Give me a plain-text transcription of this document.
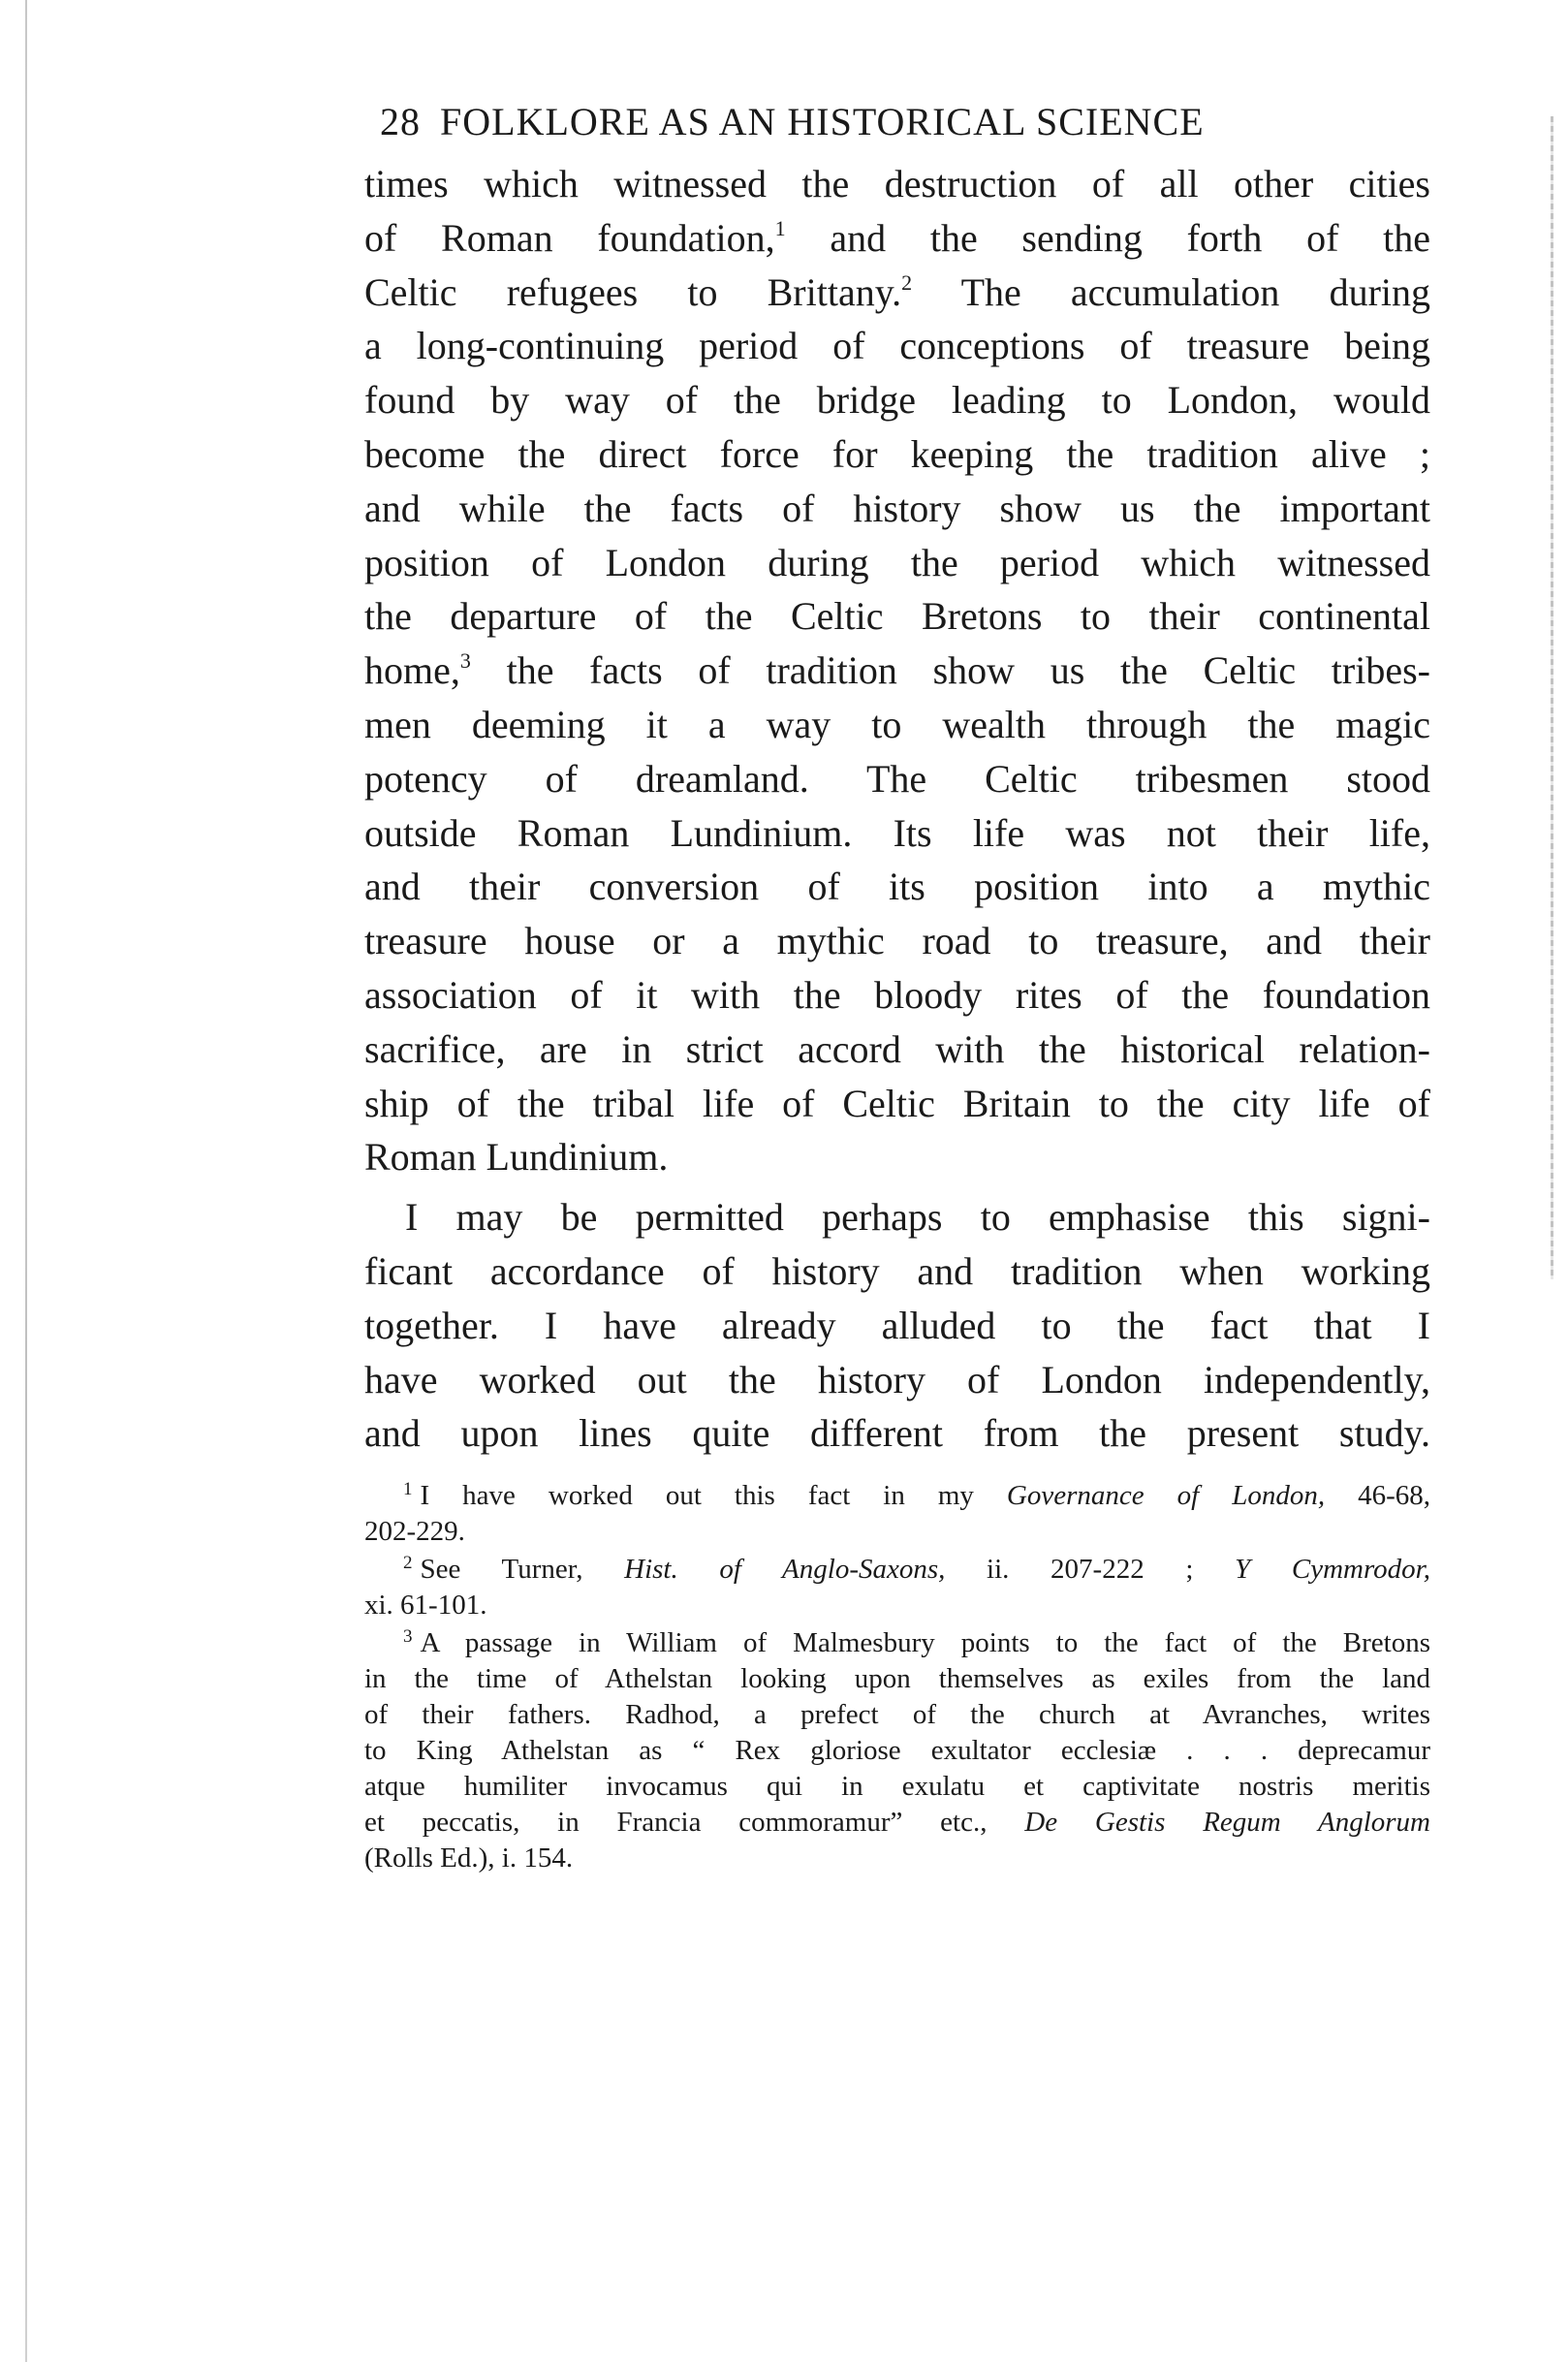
28 FOLKLORE AS AN HISTORICAL SCIENCE

times which witnessed the destruction of all other cities
of Roman foundation,$^1$ and the sending forth of the
Celtic refugees to Brittany.$^2$ The accumulation during
a long-continuing period of conceptions of treasure being
found by way of the bridge leading to London, would
become the direct force for keeping the tradition alive ;
and while the facts of history show us the important
position of London during the period which witnessed
the departure of the Celtic Bretons to their continental
home,$^3$ the facts of tradition show us the Celtic tribes-
men deeming it a way to wealth through the magic
potency of dreamland. The Celtic tribesmen stood
outside Roman Lundinium. Its life was not their life,
and their conversion of its position into a mythic
treasure house or a mythic road to treasure, and their
association of it with the bloody rites of the foundation
sacrifice, are in strict accord with the historical relation-
ship of the tribal life of Celtic Britain to the city life of
Roman Lundinium.

I may be permitted perhaps to emphasise this signi-
ficant accordance of history and tradition when working
together. I have already alluded to the fact that I
have worked out the history of London independently,
and upon lines quite different from the present study.

$^1$ I have worked out this fact in my Governance of London, 46-68,
202-229.
$^2$ See Turner, Hist. of Anglo-Saxons, ii. 207-222 ; Y Cymmrodor,
xi. 61-101.
$^3$ A passage in William of Malmesbury points to the fact of the Bretons
in the time of Athelstan looking upon themselves as exiles from the land
of their fathers. Radhod, a prefect of the church at Avranches, writes
to King Athelstan as “ Rex gloriose exultator ecclesiæ . . . deprecamur
atque humiliter invocamus qui in exulatu et captivitate nostris meritis
et peccatis, in Francia commoramur” etc., De Gestis Regum Anglorum
(Rolls Ed.), i. 154.
